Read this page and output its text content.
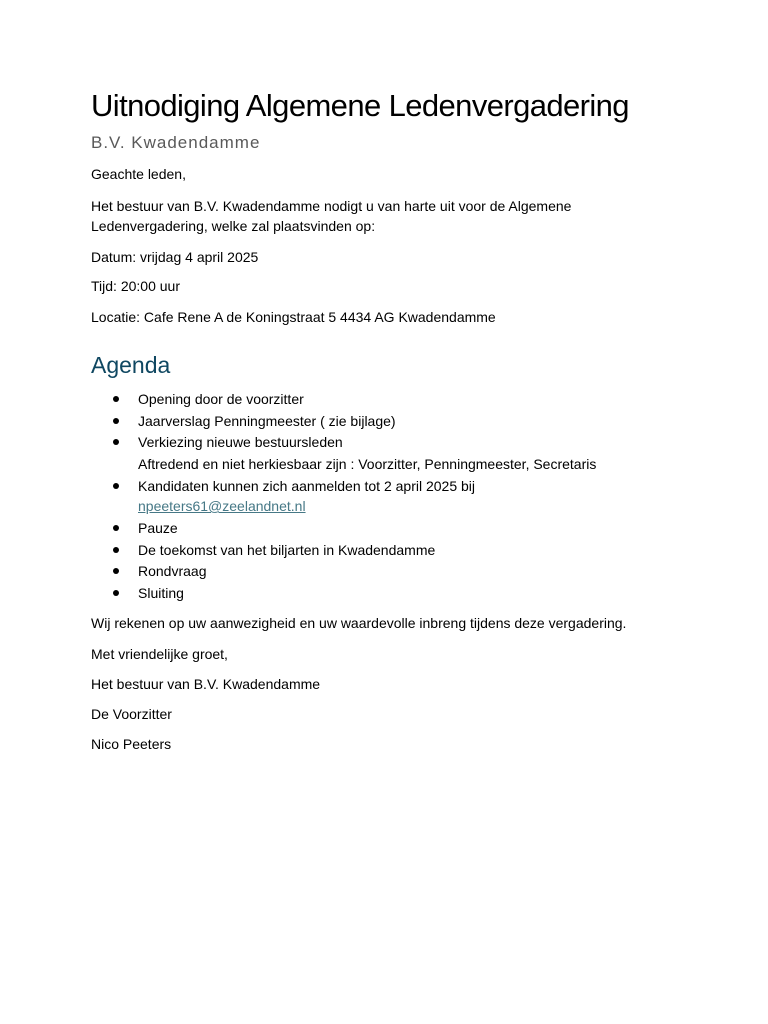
Uitnodiging Algemene Ledenvergadering
B.V. Kwadendamme
Geachte leden,
Het bestuur van B.V. Kwadendamme nodigt u van harte uit voor de Algemene
Ledenvergadering, welke zal plaatsvinden op:
Datum: vrijdag 4 april 2025
Tijd: 20:00 uur
Locatie: Cafe Rene A de Koningstraat 5 4434 AG Kwadendamme
Agenda
Opening door de voorzitter
Jaarverslag Penningmeester ( zie bijlage)
Verkiezing nieuwe bestuursleden
Aftredend en niet herkiesbaar zijn : Voorzitter, Penningmeester, Secretaris
Kandidaten kunnen zich aanmelden tot 2 april 2025 bij
npeeters61@zeelandnet.nl
Pauze
De toekomst van het biljarten in Kwadendamme
Rondvraag
Sluiting
Wij rekenen op uw aanwezigheid en uw waardevolle inbreng tijdens deze vergadering.
Met vriendelijke groet,
Het bestuur van B.V. Kwadendamme
De Voorzitter
Nico Peeters
